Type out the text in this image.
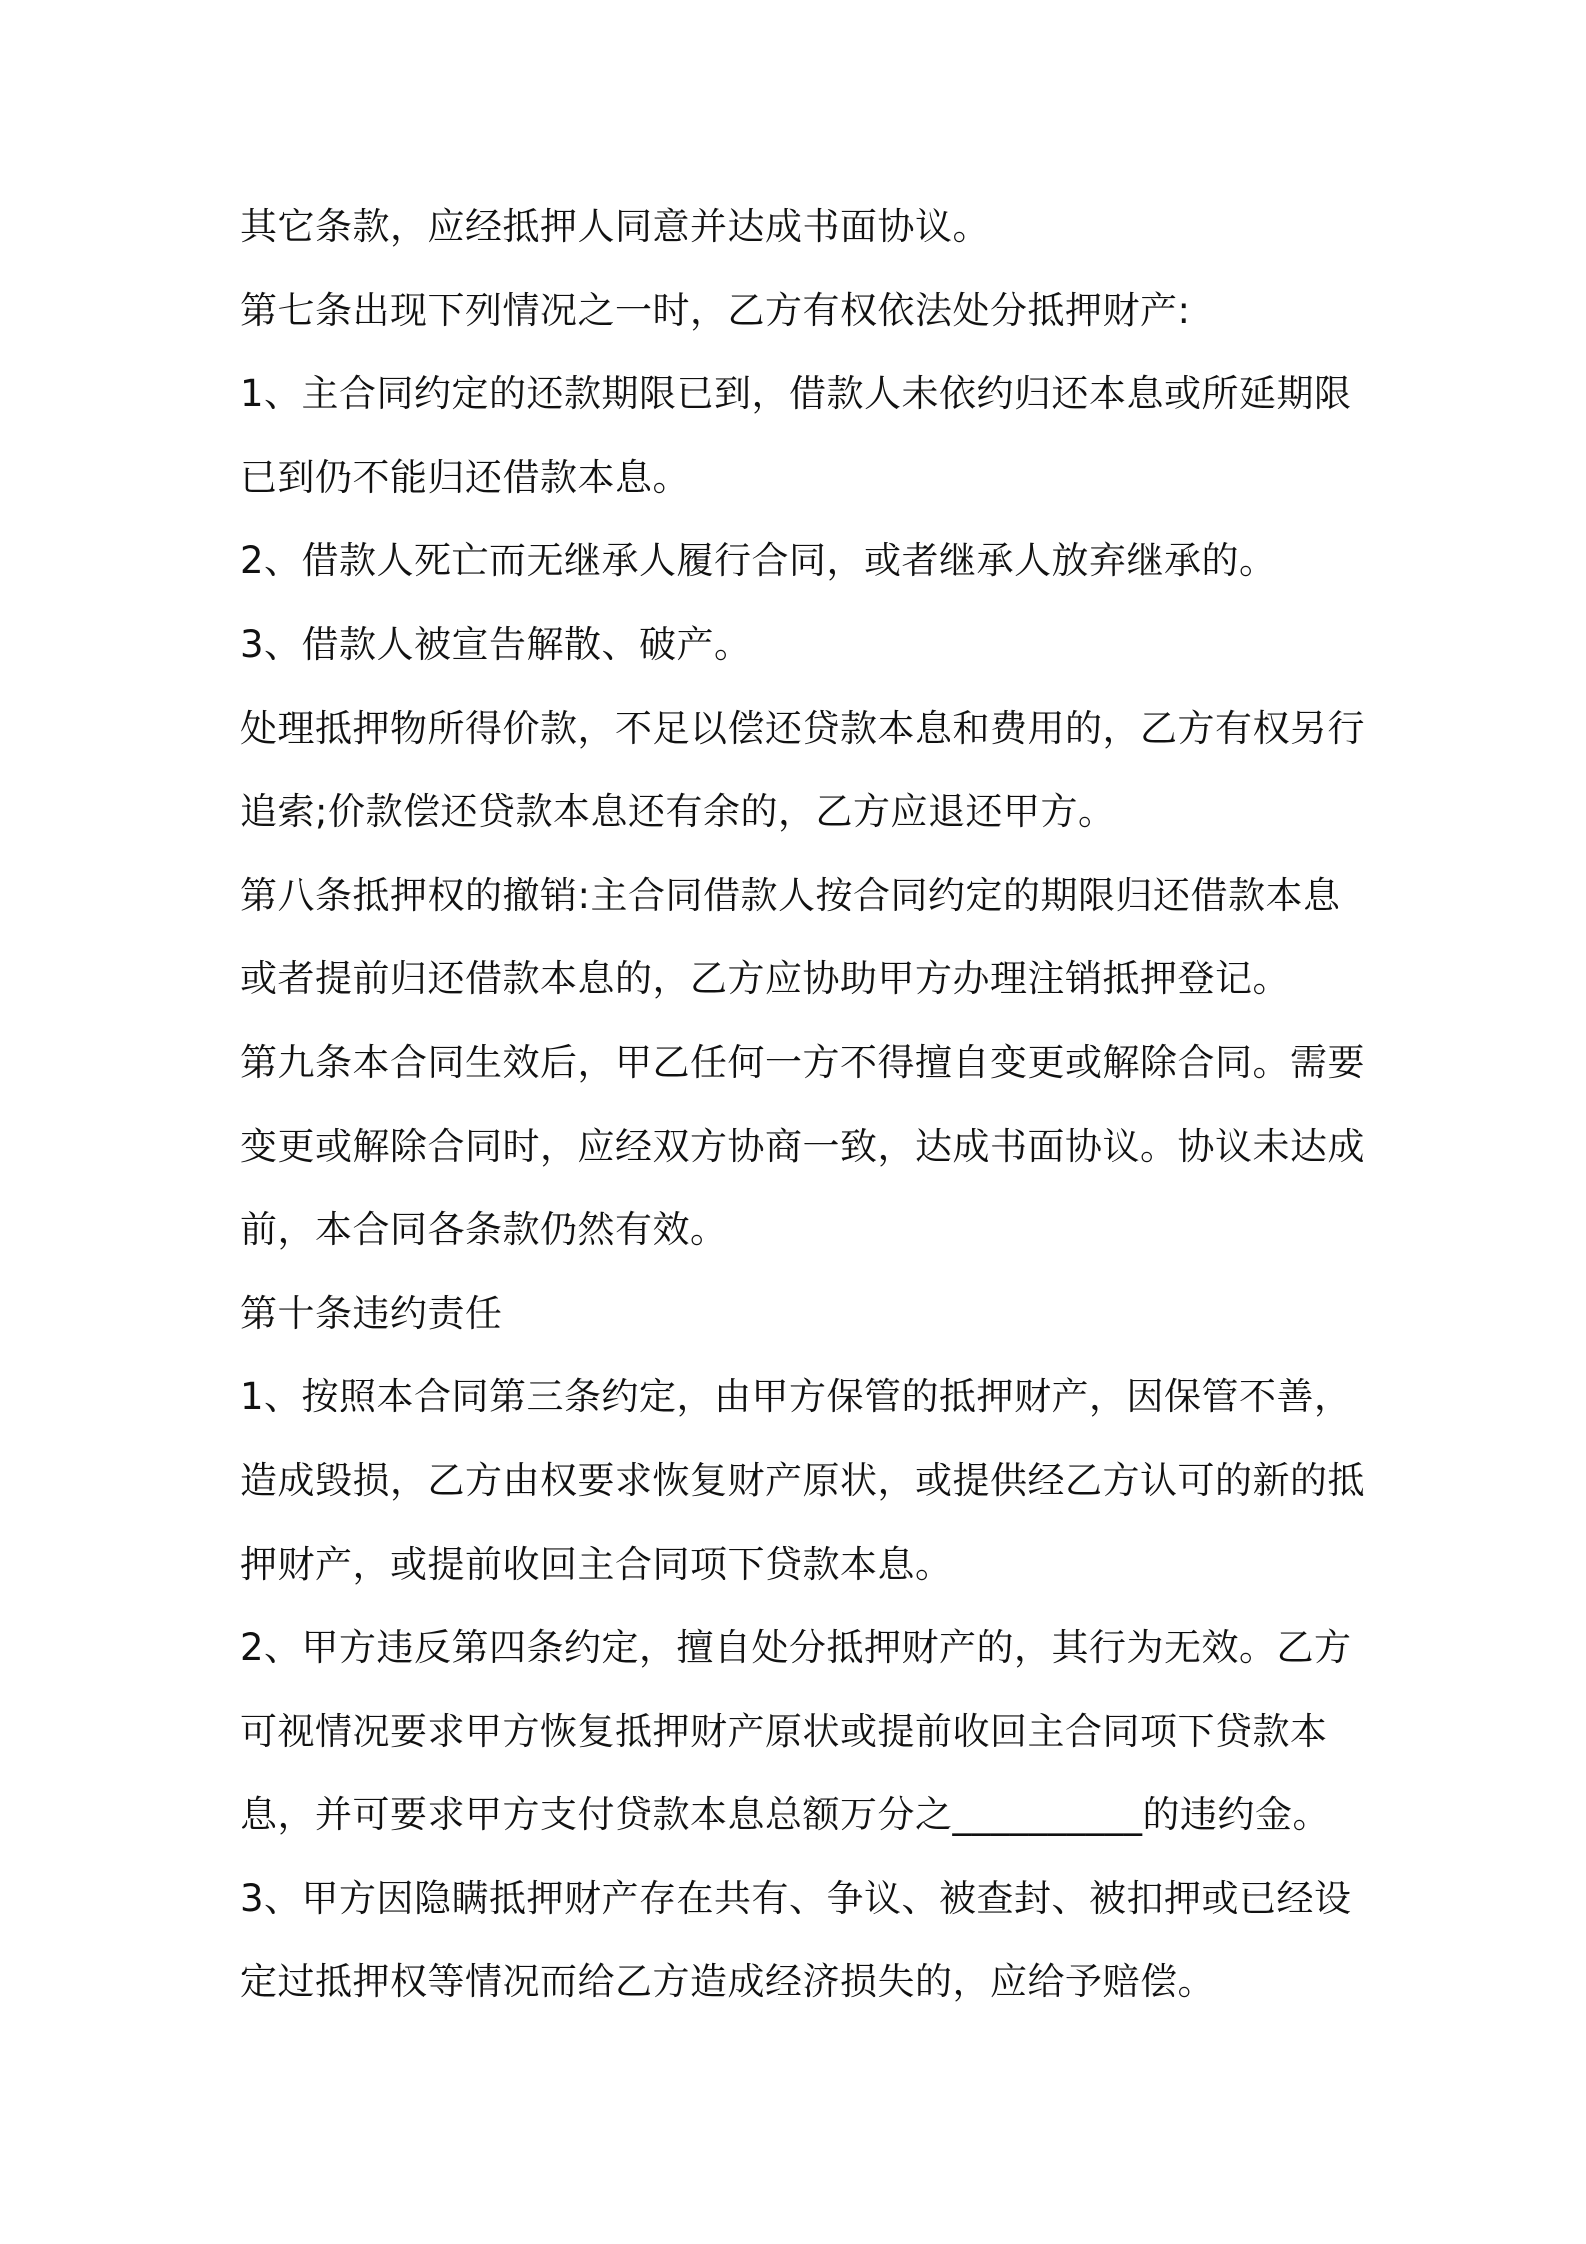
其它条款，应经抵押人同意并达成书面协议。
第七条出现下列情况之一时，乙方有权依法处分抵押财产:
1、主合同约定的还款期限已到，借款人未依约归还本息或所延期限
已到仍不能归还借款本息。
2、借款人死亡而无继承人履行合同，或者继承人放弃继承的。
3、借款人被宣告解散、破产。
处理抵押物所得价款，不足以偿还贷款本息和费用的，乙方有权另行
追索;价款偿还贷款本息还有余的，乙方应退还甲方。
第八条抵押权的撤销:主合同借款人按合同约定的期限归还借款本息
或者提前归还借款本息的，乙方应协助甲方办理注销抵押登记。
第九条本合同生效后，甲乙任何一方不得擅自变更或解除合同。需要
变更或解除合同时，应经双方协商一致，达成书面协议。协议未达成
前，本合同各条款仍然有效。
第十条违约责任
1、按照本合同第三条约定，由甲方保管的抵押财产，因保管不善，
造成毁损，乙方由权要求恢复财产原状，或提供经乙方认可的新的抵
押财产，或提前收回主合同项下贷款本息。
2、甲方违反第四条约定，擅自处分抵押财产的，其行为无效。乙方
可视情况要求甲方恢复抵押财产原状或提前收回主合同项下贷款本
息，并可要求甲方支付贷款本息总额万分之__________的违约金。
3、甲方因隐瞒抵押财产存在共有、争议、被查封、被扣押或已经设
定过抵押权等情况而给乙方造成经济损失的，应给予赔偿。
